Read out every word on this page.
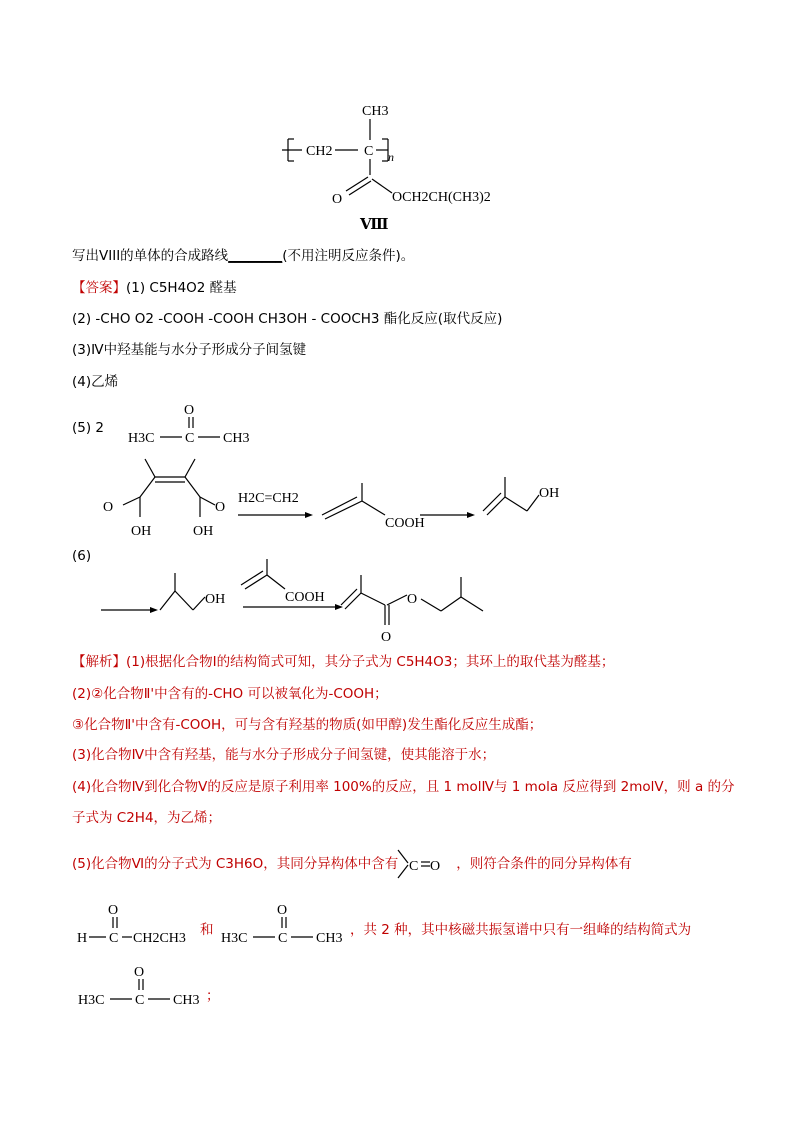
CH3
CH2 C n
O	OCH2CH(CH3)2
Ⅷ
写出VIII的单体的合成路线________(不用注明反应条件)。
【答案】(1) C5H4O2 醛基
(2) -CHO O2 -COOH -COOH CH3OH - COOCH3 酯化反应(取代反应)
(3)Ⅳ中羟基能与水分子形成分子间氢键
(4)乙烯
(5) 2
O
H3C C CH3
(6)
O
OH
O
OH
H2C=CH2
COOH
OH
OH	COOH
O
O
【解析】(1)根据化合物Ⅰ的结构简式可知，其分子式为 C5H4O3；其环上的取代基为醛基；
(2)②化合物Ⅱ'中含有的-CHO 可以被氧化为-COOH；
③化合物Ⅱ'中含有-COOH，可与含有羟基的物质(如甲醇)发生酯化反应生成酯；
(3)化合物Ⅳ中含有羟基，能与水分子形成分子间氢键，使其能溶于水；
(4)化合物Ⅳ到化合物Ⅴ的反应是原子利用率 100%的反应，且 1 molⅣ与 1 mola 反应得到 2molⅤ，则 a 的分
子式为 C2H4，为乙烯；
(5)化合物Ⅵ的分子式为 C3H6O，其同分异构体中含有	，则符合条件的同分异构体有
C O
O
H C CH2CH3
和
O
H3C C CH3
，共 2 种，其中核磁共振氢谱中只有一组峰的结构简式为
O
H3C C CH3 ；
